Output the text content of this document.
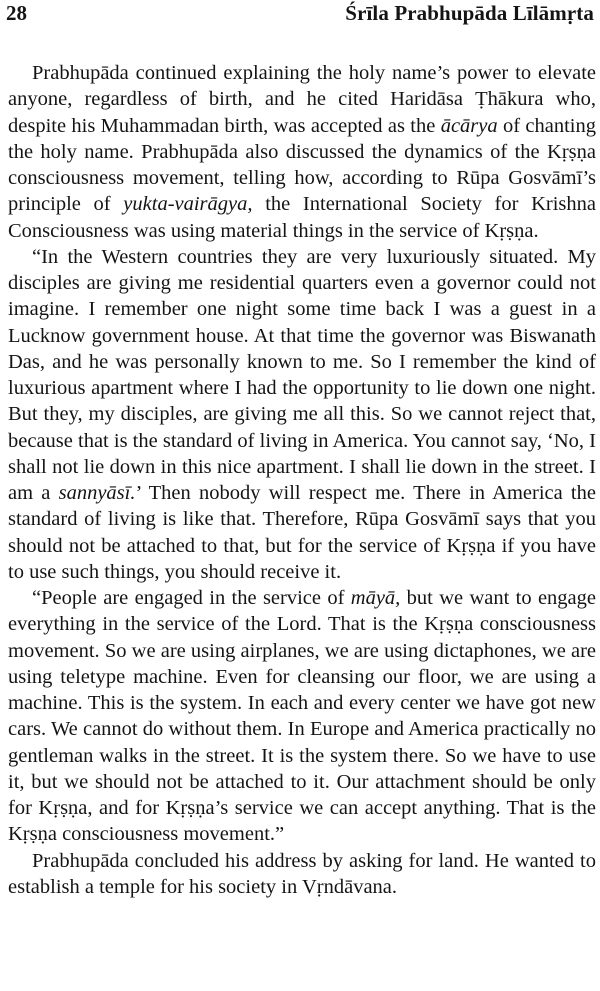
28	Śrīla Prabhupāda Līlāmṛta

Prabhupāda continued explaining the holy name’s power to elevate anyone, regardless of birth, and he cited Haridāsa Ṭhākura who, despite his Muhammadan birth, was accepted as the ācārya of chanting the holy name. Prabhupāda also discussed the dynamics of the Kṛṣṇa consciousness movement, telling how, according to Rūpa Gosvāmī’s principle of yukta-vairāgya, the International Society for Krishna Consciousness was using material things in the service of Kṛṣṇa.

“In the Western countries they are very luxuriously situated. My disciples are giving me residential quarters even a governor could not imagine. I remember one night some time back I was a guest in a Lucknow government house. At that time the governor was Biswanath Das, and he was personally known to me. So I remember the kind of luxurious apartment where I had the opportunity to lie down one night. But they, my disciples, are giving me all this. So we cannot reject that, because that is the standard of living in America. You cannot say, ‘No, I shall not lie down in this nice apartment. I shall lie down in the street. I am a sannyāsī.’ Then nobody will respect me. There in America the standard of living is like that. Therefore, Rūpa Gosvāmī says that you should not be attached to that, but for the service of Kṛṣṇa if you have to use such things, you should receive it.

“People are engaged in the service of māyā, but we want to engage everything in the service of the Lord. That is the Kṛṣṇa consciousness movement. So we are using airplanes, we are using dictaphones, we are using teletype machine. Even for cleansing our floor, we are using a machine. This is the system. In each and every center we have got new cars. We cannot do without them. In Europe and America practically no gentleman walks in the street. It is the system there. So we have to use it, but we should not be attached to it. Our attachment should be only for Kṛṣṇa, and for Kṛṣṇa’s service we can accept anything. That is the Kṛṣṇa consciousness movement.”

Prabhupāda concluded his address by asking for land. He wanted to establish a temple for his society in Vṛndāvana.
